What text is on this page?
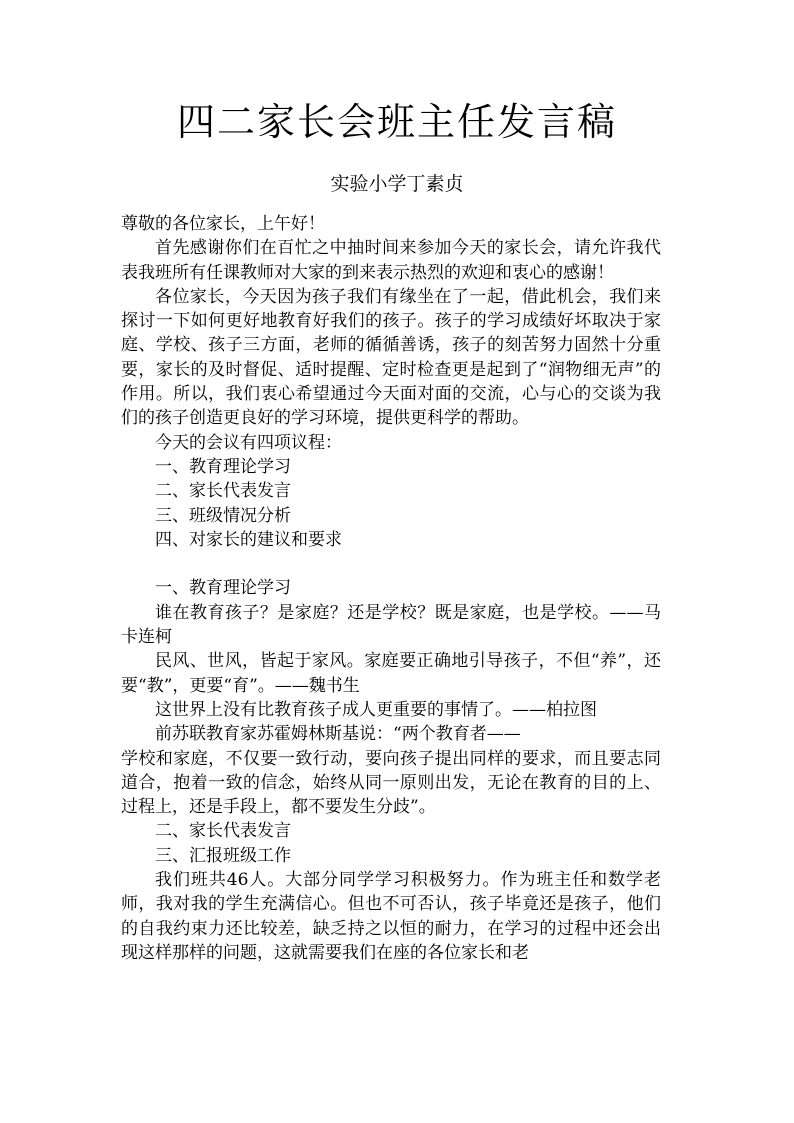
四二家长会班主任发言稿
实验小学丁素贞

尊敬的各位家长，上午好！

首先感谢你们在百忙之中抽时间来参加今天的家长会，请允许我代表我班所有任课教师对大家的到来表示热烈的欢迎和衷心的感谢！

各位家长，今天因为孩子我们有缘坐在了一起，借此机会，我们来探讨一下如何更好地教育好我们的孩子。孩子的学习成绩好坏取决于家庭、学校、孩子三方面，老师的循循善诱，孩子的刻苦努力固然十分重要，家长的及时督促、适时提醒、定时检查更是起到了“润物细无声”的作用。所以，我们衷心希望通过今天面对面的交流，心与心的交谈为我们的孩子创造更良好的学习环境，提供更科学的帮助。

今天的会议有四项议程：

一、教育理论学习

二、家长代表发言

三、班级情况分析

四、对家长的建议和要求

一、教育理论学习

谁在教育孩子？是家庭？还是学校？既是家庭，也是学校。——马卡连柯

民风、世风，皆起于家风。家庭要正确地引导孩子，不但“养”，还要“教”，更要“育”。——魏书生

这世界上没有比教育孩子成人更重要的事情了。——柏拉图

前苏联教育家苏霍姆林斯基说：“两个教育者——

学校和家庭，不仅要一致行动，要向孩子提出同样的要求，而且要志同道合，抱着一致的信念，始终从同一原则出发，无论在教育的目的上、过程上，还是手段上，都不要发生分歧”。

二、家长代表发言

三、汇报班级工作

我们班共46人。大部分同学学习积极努力。作为班主任和数学老师，我对我的学生充满信心。但也不可否认，孩子毕竟还是孩子，他们的自我约束力还比较差，缺乏持之以恒的耐力，在学习的过程中还会出现这样那样的问题，这就需要我们在座的各位家长和老
